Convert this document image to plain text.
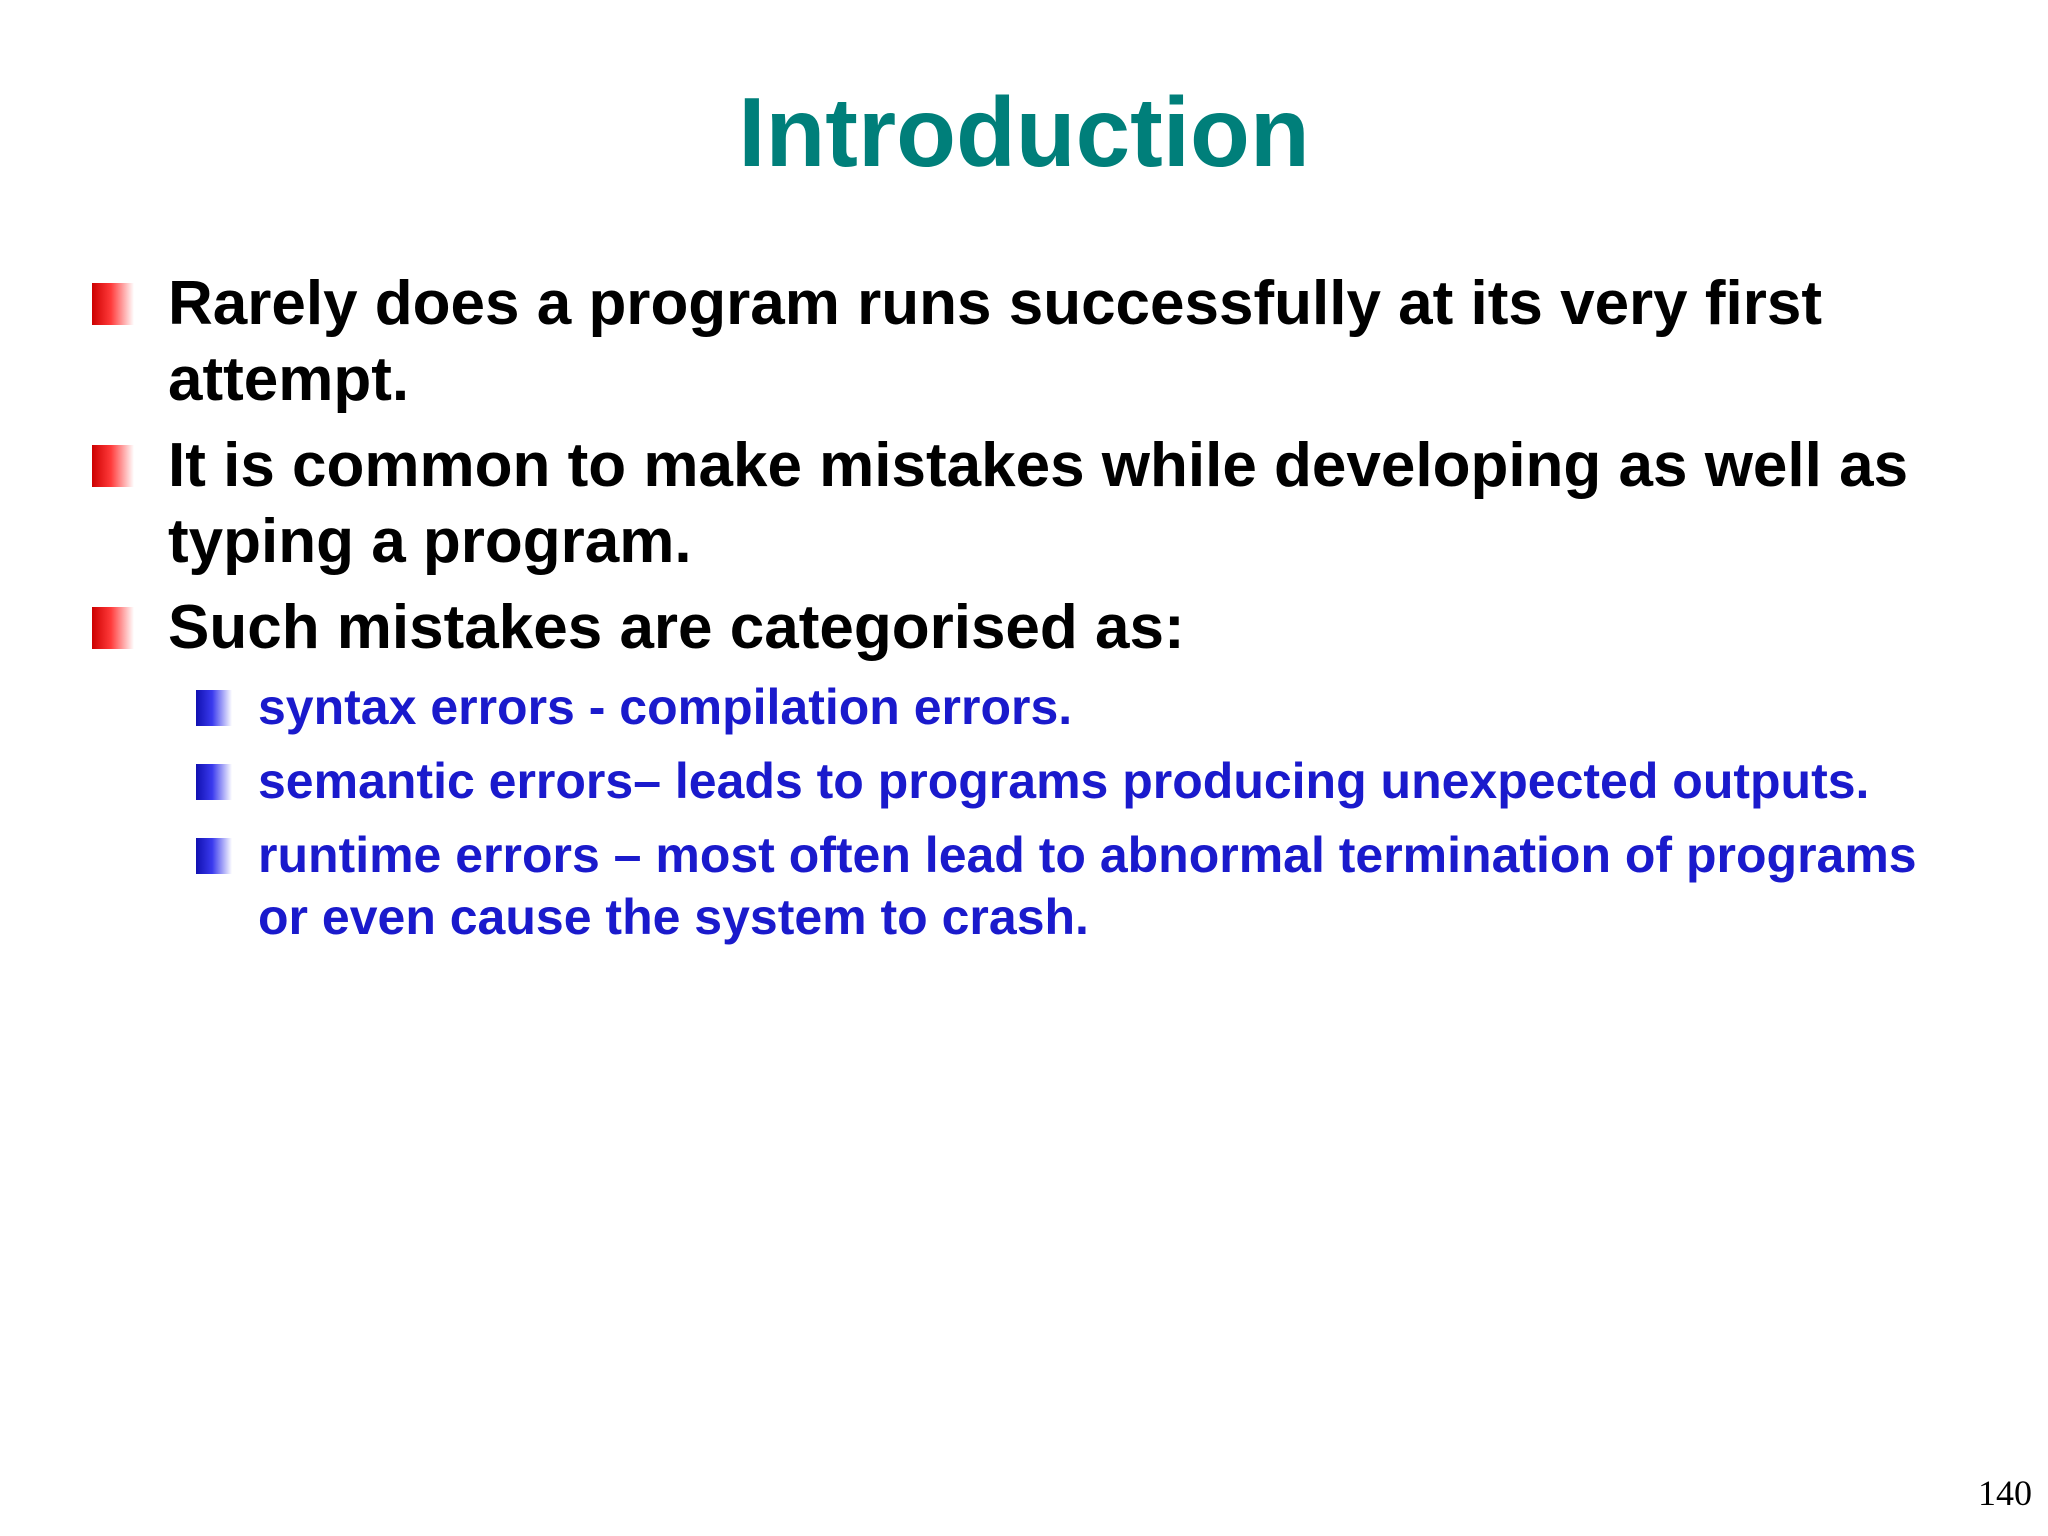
Introduction
Rarely does a program runs successfully at its very first attempt.
It is common to make mistakes while developing as well as typing a program.
Such mistakes are categorised as:
syntax errors - compilation errors.
semantic errors– leads to programs producing unexpected outputs.
runtime errors – most often lead to abnormal termination of programs or even cause the system to crash.
140
